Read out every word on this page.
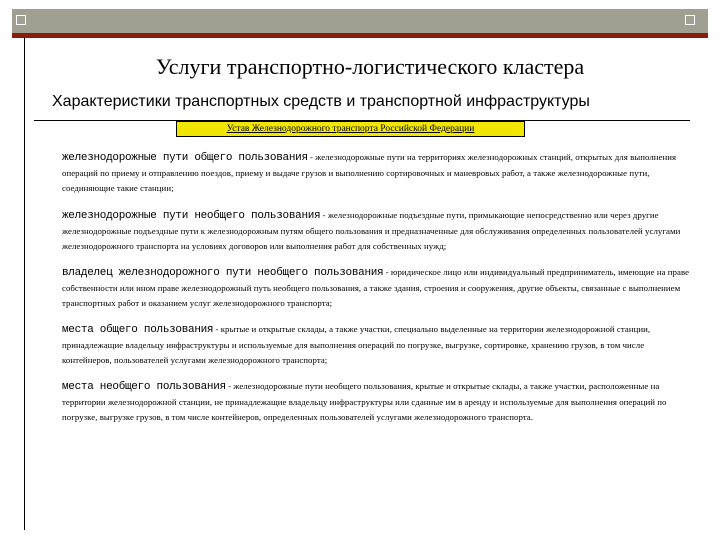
Услуги транспортно-логистического кластера
Характеристики транспортных средств и транспортной инфраструктуры
Устав Железнодорожного транспорта Российской Федерации
железнодорожные пути общего пользования - железнодорожные пути на территориях железнодорожных станций, открытых для выполнения операций по приему и отправлению поездов, приему и выдаче грузов и выполнению сортировочных и маневровых работ, а также железнодорожные пути, соединяющие такие станции;
железнодорожные пути необщего пользования - железнодорожные подъездные пути, примыкающие непосредственно или через другие железнодорожные подъездные пути к железнодорожным путям общего пользования и предназначенные для обслуживания определенных пользователей услугами железнодорожного транспорта на условиях договоров или выполнения работ для собственных нужд;
владелец железнодорожного пути необщего пользования - юридическое лицо или индивидуальный предприниматель, имеющие на праве собственности или ином праве железнодорожный путь необщего пользования, а также здания, строения и сооружения, другие объекты, связанные с выполнением транспортных работ и оказанием услуг железнодорожного транспорта;
места общего пользования - крытые и открытые склады, а также участки, специально выделенные на территории железнодорожной станции, принадлежащие владельцу инфраструктуры и используемые для выполнения операций по погрузке, выгрузке, сортировке, хранению грузов, в том числе контейнеров, пользователей услугами железнодорожного транспорта;
места необщего пользования - железнодорожные пути необщего пользования, крытые и открытые склады, а также участки, расположенные на территории железнодорожной станции, не принадлежащие владельцу инфраструктуры или сданные им в аренду и используемые для выполнения операций по погрузке, выгрузке грузов, в том числе контейнеров, определенных пользователей услугами железнодорожного транспорта.
